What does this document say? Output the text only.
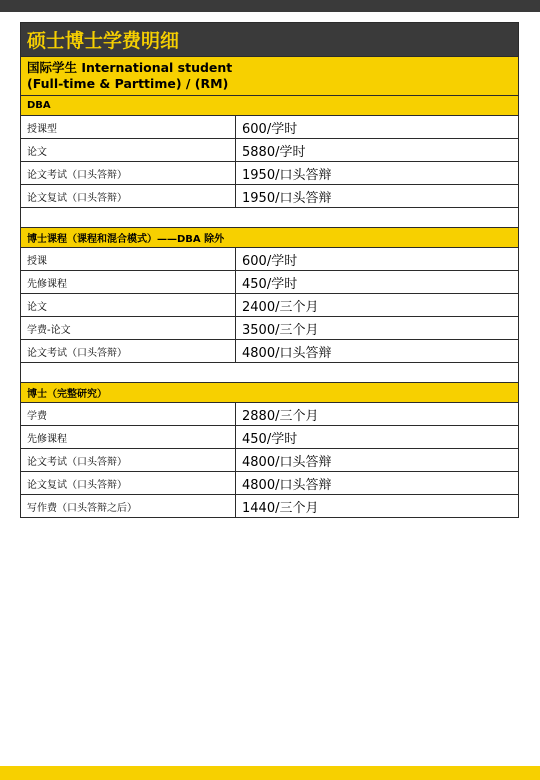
硕士博士学费明细	
国际学生 International student
(Full-time & Parttime) / (RM)	
DBA	
授课型	600/学时
论文	5880/学时
论文考试（口头答辩）	1950/口头答辩
论文复试（口头答辩）	1950/口头答辩

博士课程（课程和混合模式）——DBA 除外	
授课	600/学时
先修课程	450/学时
论文	2400/三个月
学费-论文	3500/三个月
论文考试（口头答辩）	4800/口头答辩

博士（完整研究）	
学费	2880/三个月
先修课程	450/学时
论文考试（口头答辩）	4800/口头答辩
论文复试（口头答辩）	4800/口头答辩
写作费（口头答辩之后）	1440/三个月
